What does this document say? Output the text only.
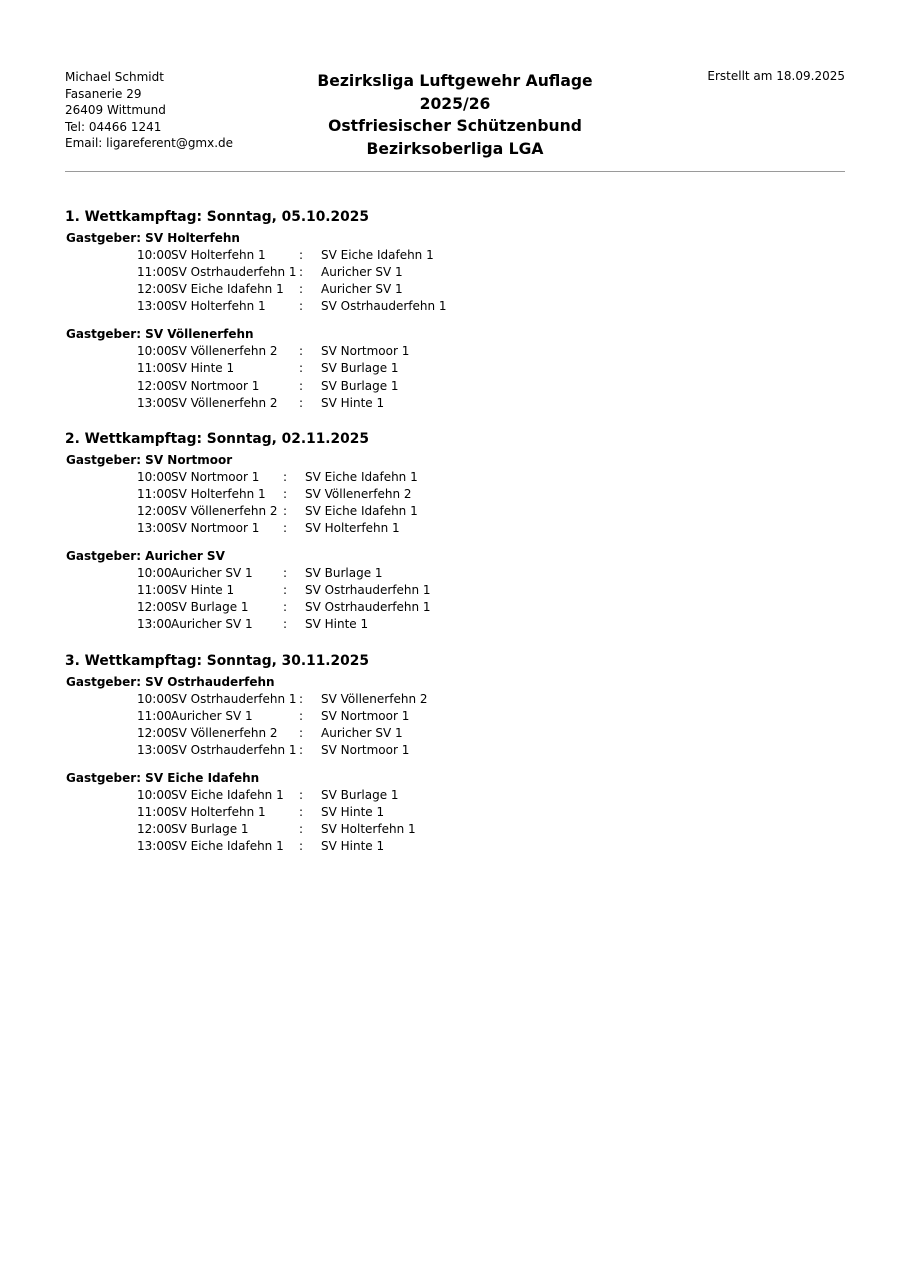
Michael Schmidt
Fasanerie 29
26409 Wittmund
Tel: 04466 1241
Email: ligareferent@gmx.de
Bezirksliga Luftgewehr Auflage
2025/26
Ostfriesischer Schützenbund
Bezirksoberliga LGA
Erstellt am 18.09.2025
1. Wettkampftag: Sonntag, 05.10.2025
Gastgeber: SV Holterfehn
10:00SV Holterfehn 1	: SV Eiche Idafehn 1
11:00SV Ostrhauderfehn 1 : Auricher SV 1
12:00SV Eiche Idafehn 1 : Auricher SV 1
13:00SV Holterfehn 1	: SV Ostrhauderfehn 1
Gastgeber: SV Völlenerfehn
10:00SV Völlenerfehn 2 : SV Nortmoor 1
11:00SV Hinte 1	: SV Burlage 1
12:00SV Nortmoor 1	: SV Burlage 1
13:00SV Völlenerfehn 2 : SV Hinte 1
2. Wettkampftag: Sonntag, 02.11.2025
Gastgeber: SV Nortmoor
10:00SV Nortmoor 1 : SV Eiche Idafehn 1
11:00SV Holterfehn 1 : SV Völlenerfehn 2
12:00SV Völlenerfehn 2 : SV Eiche Idafehn 1
13:00SV Nortmoor 1 : SV Holterfehn 1
Gastgeber: Auricher SV
10:00Auricher SV 1	: SV Burlage 1
11:00SV Hinte 1	: SV Ostrhauderfehn 1
12:00SV Burlage 1	: SV Ostrhauderfehn 1
13:00Auricher SV 1	: SV Hinte 1
3. Wettkampftag: Sonntag, 30.11.2025
Gastgeber: SV Ostrhauderfehn
10:00SV Ostrhauderfehn 1 : SV Völlenerfehn 2
11:00Auricher SV 1	: SV Nortmoor 1
12:00SV Völlenerfehn 2 : Auricher SV 1
13:00SV Ostrhauderfehn 1 : SV Nortmoor 1
Gastgeber: SV Eiche Idafehn
10:00SV Eiche Idafehn 1 : SV Burlage 1
11:00SV Holterfehn 1	: SV Hinte 1
12:00SV Burlage 1	: SV Holterfehn 1
13:00SV Eiche Idafehn 1 : SV Hinte 1
